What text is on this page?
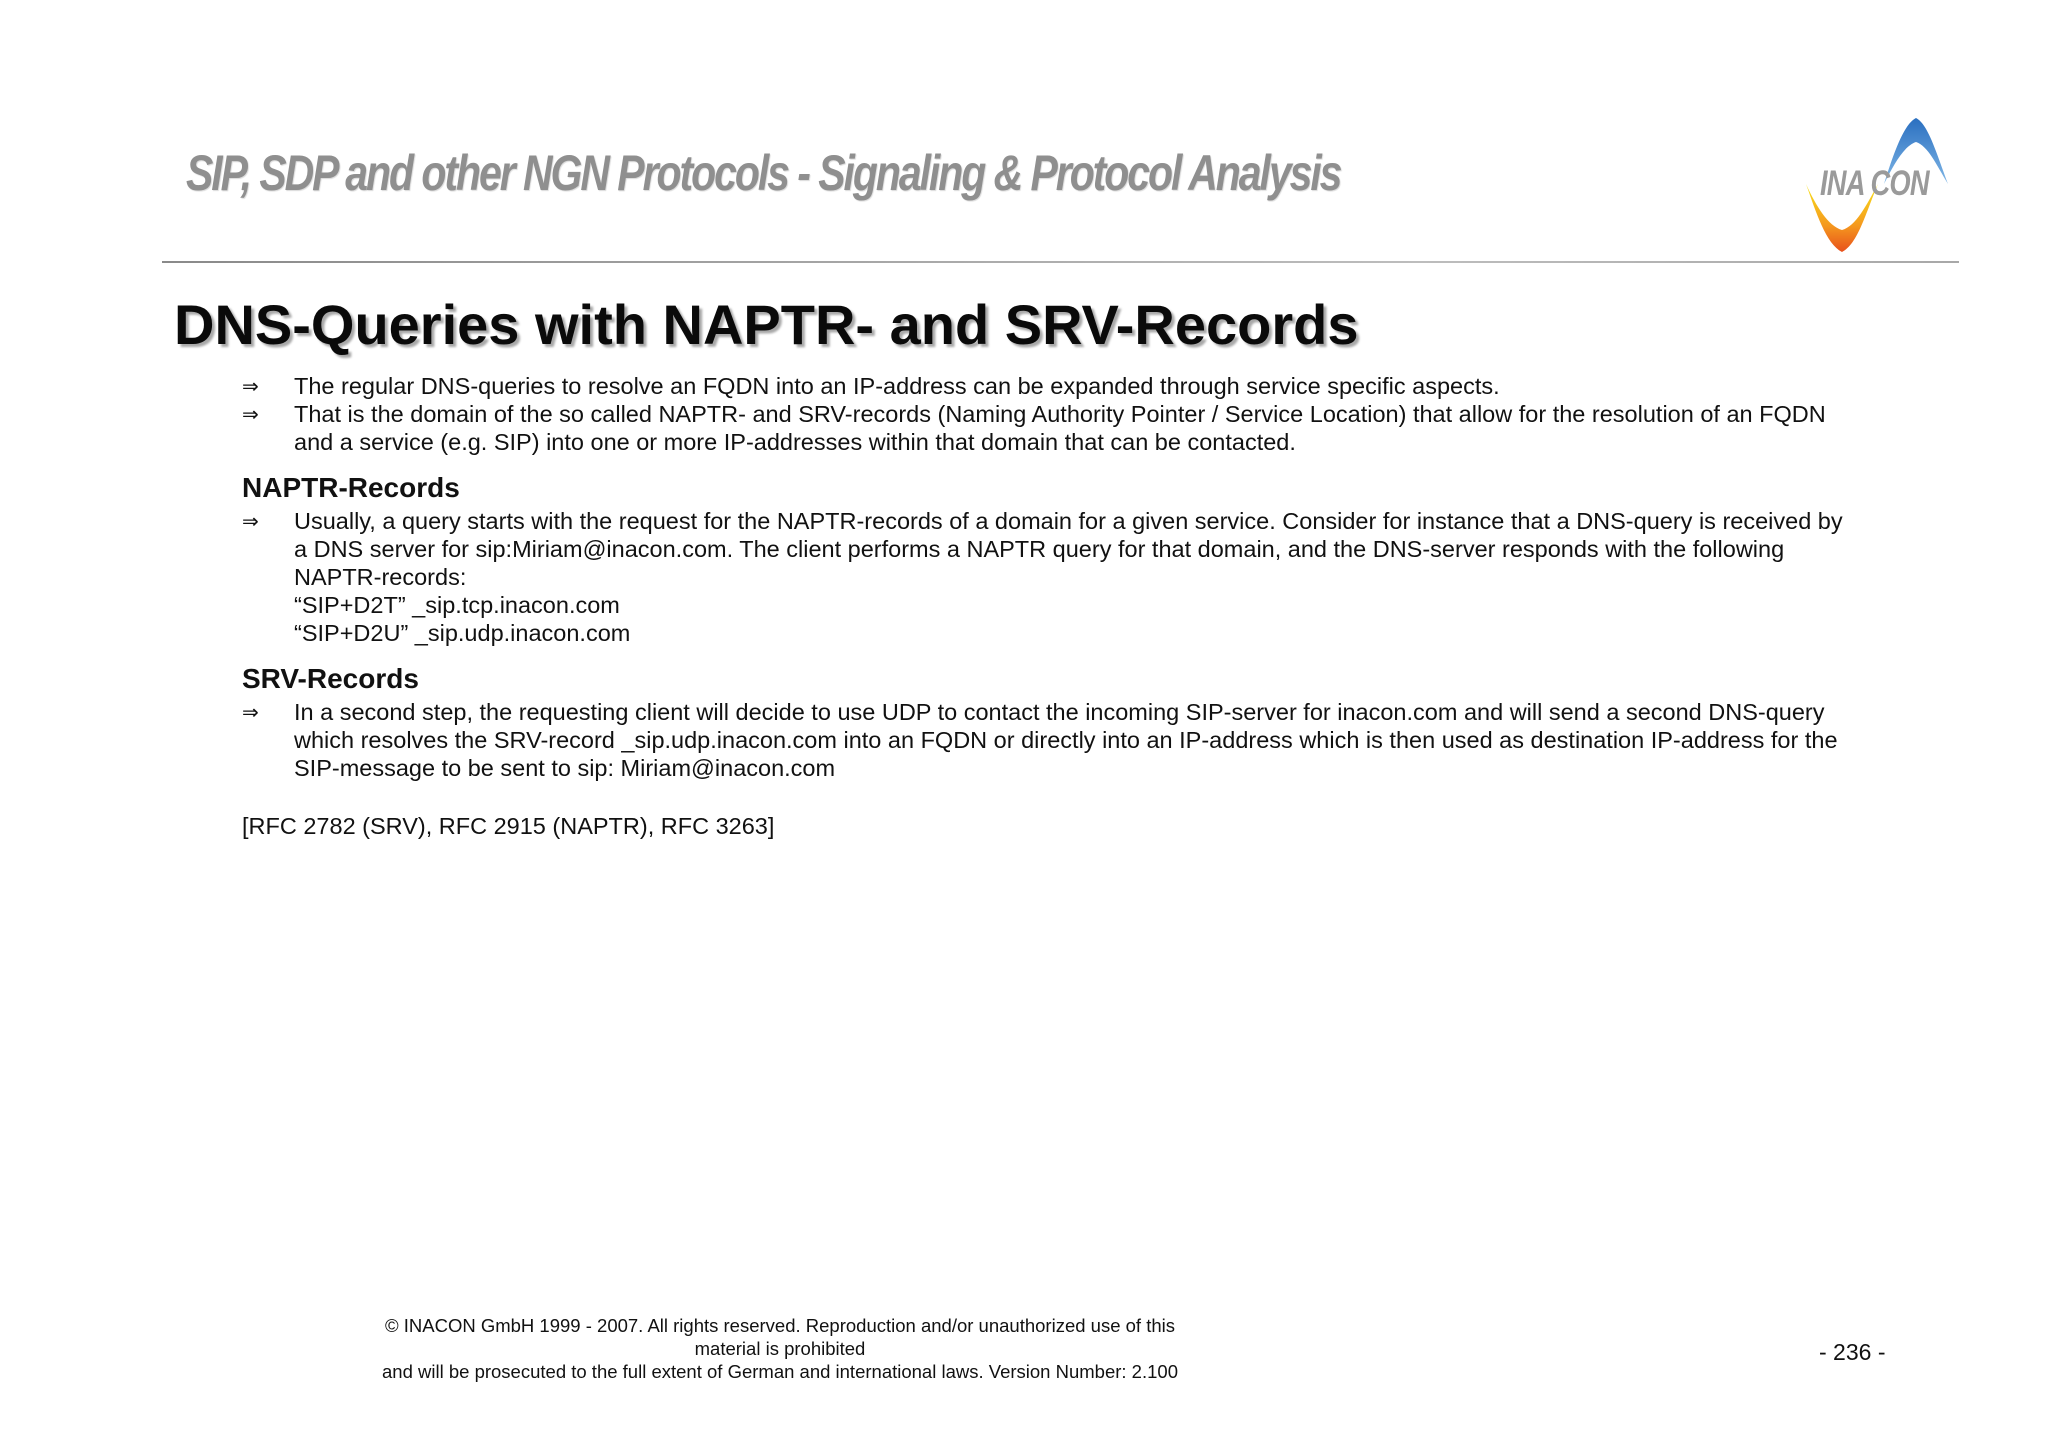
SIP, SDP and other NGN Protocols - Signaling & Protocol Analysis	INA CON
DNS-Queries with NAPTR- and SRV-Records
⇒ The regular DNS-queries to resolve an FQDN into an IP-address can be expanded through service specific aspects.
⇒ That is the domain of the so called NAPTR- and SRV-records (Naming Authority Pointer / Service Location) that allow for the resolution of an FQDN
and a service (e.g. SIP) into one or more IP-addresses within that domain that can be contacted.
NAPTR-Records
⇒ Usually, a query starts with the request for the NAPTR-records of a domain for a given service. Consider for instance that a DNS-query is received by
a DNS server for sip:Miriam@inacon.com. The client performs a NAPTR query for that domain, and the DNS-server responds with the following
NAPTR-records:
“SIP+D2T” _sip.tcp.inacon.com
“SIP+D2U” _sip.udp.inacon.com
SRV-Records
⇒ In a second step, the requesting client will decide to use UDP to contact the incoming SIP-server for inacon.com and will send a second DNS-query
which resolves the SRV-record _sip.udp.inacon.com into an FQDN or directly into an IP-address which is then used as destination IP-address for the
SIP-message to be sent to sip: Miriam@inacon.com
[RFC 2782 (SRV), RFC 2915 (NAPTR), RFC 3263]
© INACON GmbH 1999 - 2007. All rights reserved. Reproduction and/or unauthorized use of this material is prohibited
and will be prosecuted to the full extent of German and international laws. Version Number: 2.100
- 236 -
